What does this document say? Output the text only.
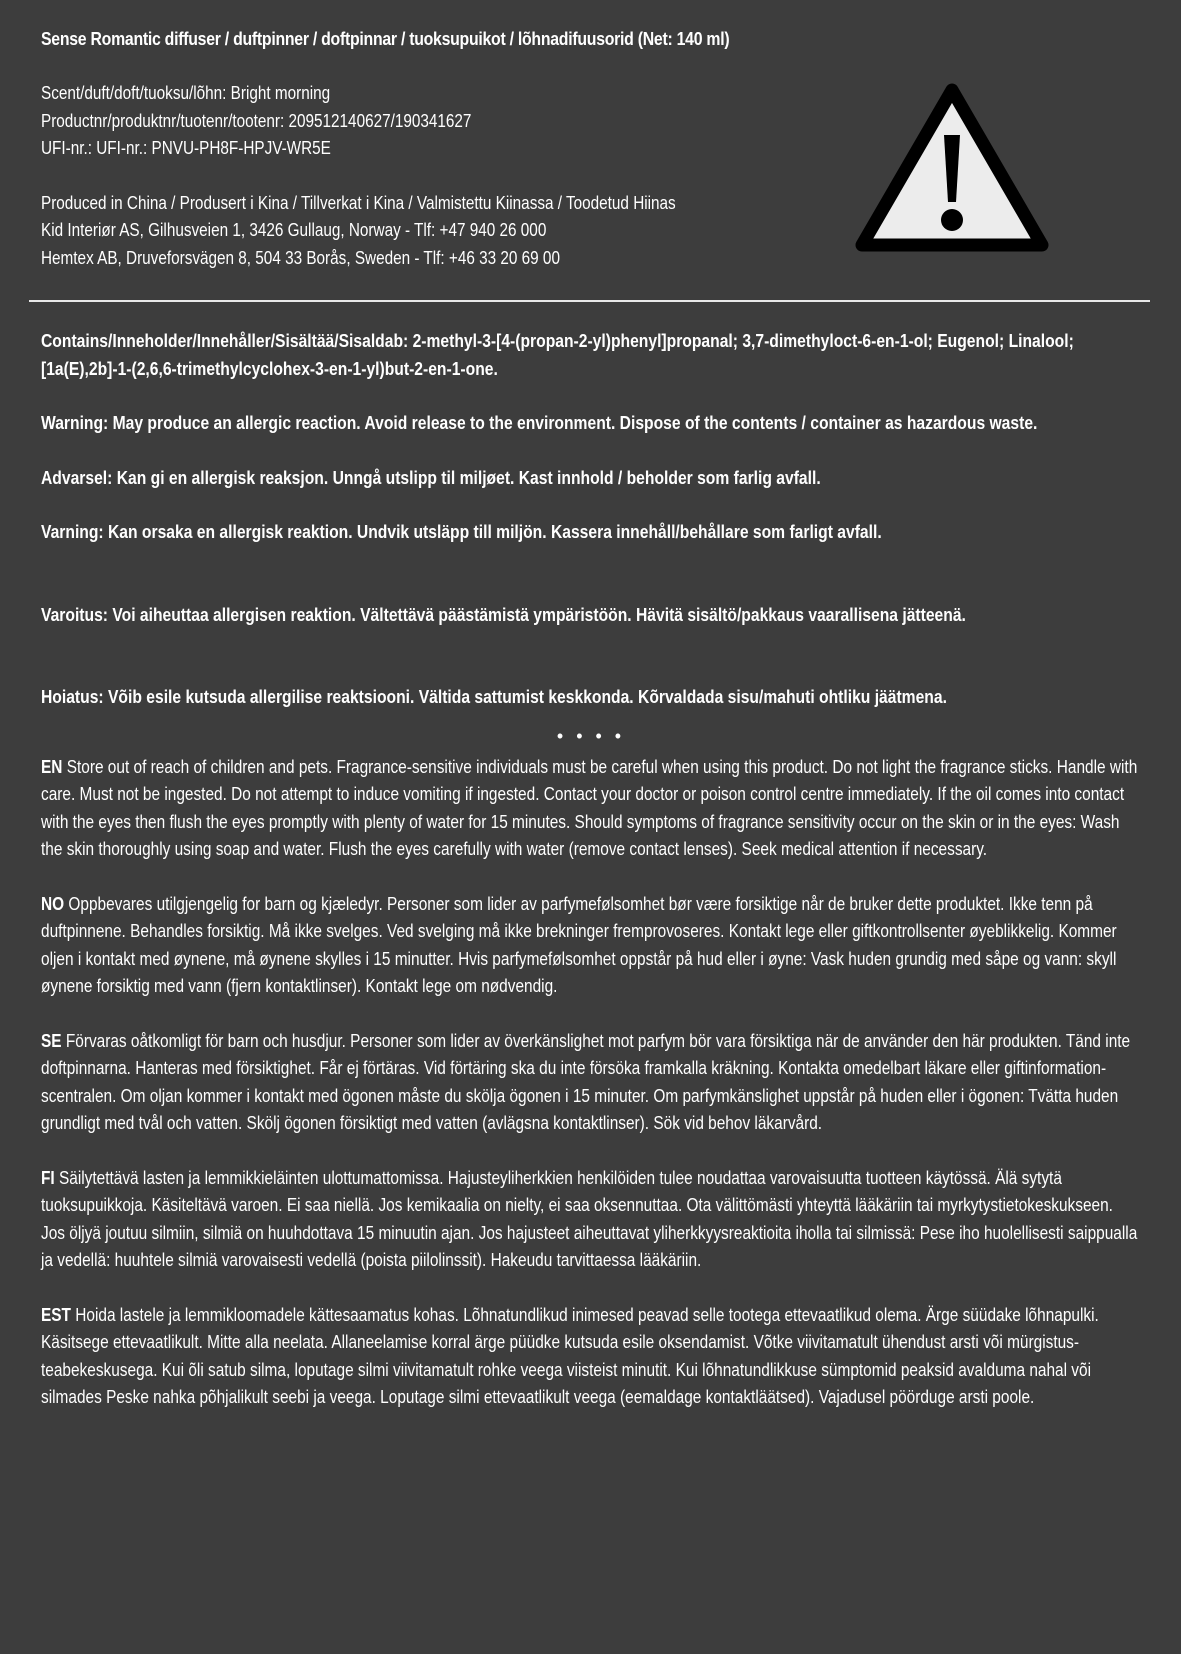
Sense Romantic diffuser / duftpinner / doftpinnar / tuoksupuikot / lõhnadifuusorid (Net: 140 ml)

Scent/duft/doft/tuoksu/lõhn: Bright morning

Productnr/produktnr/tuotenr/tootenr: 209512140627/190341627

UFI-nr.: UFI-nr.: PNVU-PH8F-HPJV-WR5E

Produced in China / Produsert i Kina / Tillverkat i Kina / Valmistettu Kiinassa / Toodetud Hiinas

Kid Interiør AS, Gilhusveien 1, 3426 Gullaug, Norway - Tlf: +47 940 26 000

Hemtex AB, Druveforsvägen 8, 504 33 Borås, Sweden - Tlf: +46 33 20 69 00

Contains/Inneholder/Innehåller/Sisältää/Sisaldab: 2-methyl-3-[4-(propan-2-yl)phenyl]propanal; 3,7-dimethyloct-6-en-1-ol; Eugenol; Linalool; [1a(E),2b]-1-(2,6,6-trimethylcyclohex-3-en-1-yl)but-2-en-1-one.

Warning: May produce an allergic reaction. Avoid release to the environment. Dispose of the contents / container as hazardous waste.

Advarsel: Kan gi en allergisk reaksjon. Unngå utslipp til miljøet. Kast innhold / beholder som farlig avfall.

Varning: Kan orsaka en allergisk reaktion. Undvik utsläpp till miljön. Kassera innehåll/behållare som farligt avfall.

Varoitus: Voi aiheuttaa allergisen reaktion. Vältettävä päästämistä ympäristöön. Hävitä sisältö/pakkaus vaarallisena jätteenä.

Hoiatus: Võib esile kutsuda allergilise reaktsiooni. Vältida sattumist keskkonda. Kõrvaldada sisu/mahuti ohtliku jäätmena.

• • • •

EN Store out of reach of children and pets. Fragrance-sensitive individuals must be careful when using this product. Do not light the fragrance sticks. Handle with care. Must not be ingested. Do not attempt to induce vomiting if ingested. Contact your doctor or poison control centre immediately. If the oil comes into contact with the eyes then flush the eyes promptly with plenty of water for 15 minutes. Should symptoms of fragrance sensitivity occur on the skin or in the eyes: Wash the skin thoroughly using soap and water. Flush the eyes carefully with water (remove contact lenses). Seek medical attention if necessary.

NO Oppbevares utilgjengelig for barn og kjæledyr. Personer som lider av parfymefølsomhet bør være forsiktige når de bruker dette produktet. Ikke tenn på duftpinnene. Behandles forsiktig. Må ikke svelges. Ved svelging må ikke brekninger fremprovoseres. Kontakt lege eller giftkontrollsenter øyeblikkelig. Kommer oljen i kontakt med øynene, må øynene skylles i 15 minutter. Hvis parfymefølsomhet oppstår på hud eller i øyne: Vask huden grundig med såpe og vann: skyll øynene forsiktig med vann (fjern kontaktlinser). Kontakt lege om nødvendig.

SE Förvaras oåtkomligt för barn och husdjur. Personer som lider av överkänslighet mot parfym bör vara försiktiga när de använder den här produkten. Tänd inte doftpinnarna. Hanteras med försiktighet. Får ej förtäras. Vid förtäring ska du inte försöka framkalla kräkning. Kontakta omedelbart läkare eller giftinformation-scentralen. Om oljan kommer i kontakt med ögonen måste du skölja ögonen i 15 minuter. Om parfymkänslighet uppstår på huden eller i ögonen: Tvätta huden grundligt med tvål och vatten. Skölj ögonen försiktigt med vatten (avlägsna kontaktlinser). Sök vid behov läkarvård.

FI Säilytettävä lasten ja lemmikkieläinten ulottumattomissa. Hajusteyliherkkien henkilöiden tulee noudattaa varovaisuutta tuotteen käytössä. Älä sytytä tuoksupuikkoja. Käsiteltävä varoen. Ei saa niellä. Jos kemikaalia on nielty, ei saa oksennuttaa. Ota välittömästi yhteyttä lääkäriin tai myrkytystietokeskukseen. Jos öljyä joutuu silmiin, silmiä on huuhdottava 15 minuutin ajan. Jos hajusteet aiheuttavat yliherkkyysreaktioita iholla tai silmissä: Pese iho huolellisesti saippualla ja vedellä: huuhtele silmiä varovaisesti vedellä (poista piilolinssit). Hakeudu tarvittaessa lääkäriin.

EST Hoida lastele ja lemmikloomadele kättesaamatus kohas. Lõhnatundlikud inimesed peavad selle tootega ettevaatlikud olema. Ärge süüdake lõhnapulki. Käsitsege ettevaatlikult. Mitte alla neelata. Allaneelamise korral ärge püüdke kutsuda esile oksendamist. Võtke viivitamatult ühendust arsti või mürgistus-teabekeskusega. Kui õli satub silma, loputage silmi viivitamatult rohke veega viisteist minutit. Kui lõhnatundlikkuse sümptomid peaksid avalduma nahal või silmades Peske nahka põhjalikult seebi ja veega. Loputage silmi ettevaatlikult veega (eemaldage kontaktläätsed). Vajadusel pöörduge arsti poole.
